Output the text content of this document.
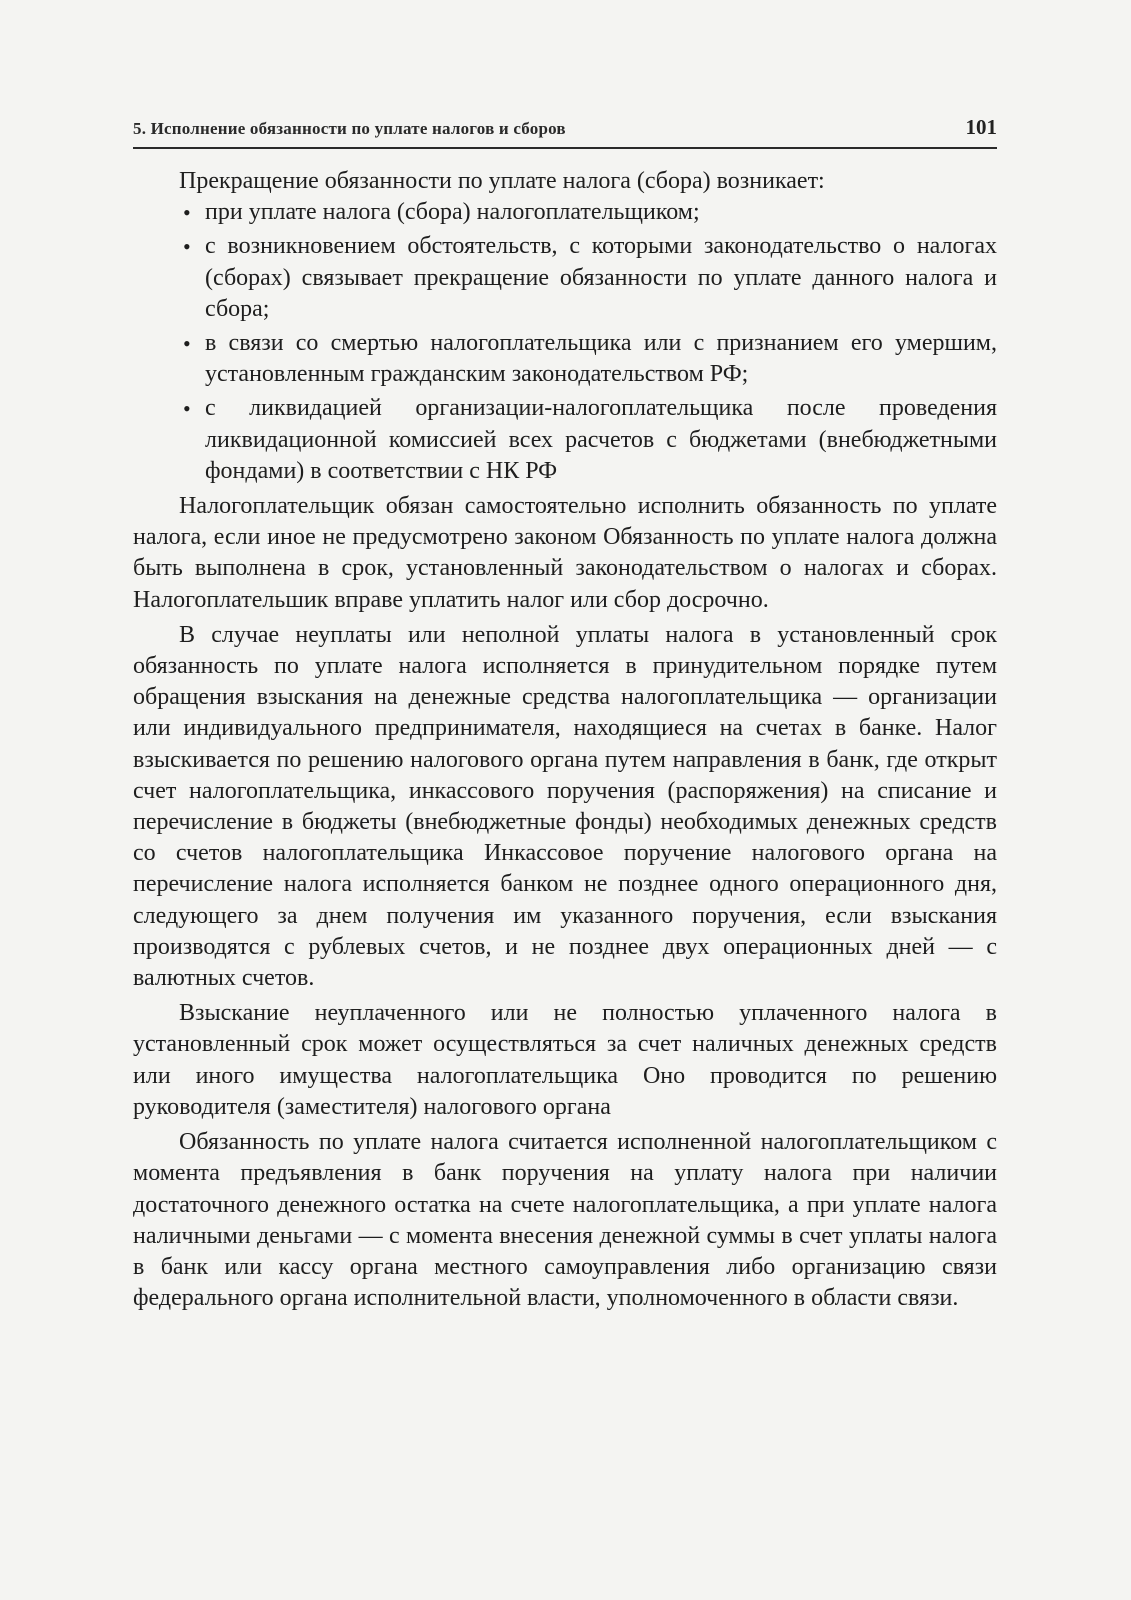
5. Исполнение обязанности по уплате налогов и сборов	101

Прекращение обязанности по уплате налога (сбора) возникает:

• при уплате налога (сбора) налогоплательщиком;
• с возникновением обстоятельств, с которыми законодательство о налогах (сборах) связывает прекращение обязанности по уплате данного налога и сбора;
• в связи со смертью налогоплательщика или с признанием его умершим, установленным гражданским законодательством РФ;
• с ликвидацией организации-налогоплательщика после проведения ликвидационной комиссией всех расчетов с бюджетами (внебюджетными фондами) в соответствии с НК РФ

Налогоплательщик обязан самостоятельно исполнить обязанность по уплате налога, если иное не предусмотрено законом Обязанность по уплате налога должна быть выполнена в срок, установленный законодательством о налогах и сборах. Налогоплательшик вправе уплатить налог или сбор досрочно.

В случае неуплаты или неполной уплаты налога в установленный срок обязанность по уплате налога исполняется в принудительном порядке путем обращения взыскания на денежные средства налогоплательщика — организации или индивидуального предпринимателя, находящиеся на счетах в банке. Налог взыскивается по решению налогового органа путем направления в банк, где открыт счет налогоплательщика, инкассового поручения (распоряжения) на списание и перечисление в бюджеты (внебюджетные фонды) необходимых денежных средств со счетов налогоплательщика Инкассовое поручение налогового органа на перечисление налога исполняется банком не позднее одного операционного дня, следующего за днем получения им указанного поручения, если взыскания производятся с рублевых счетов, и не позднее двух операционных дней — с валютных счетов.

Взыскание неуплаченного или не полностью уплаченного налога в установленный срок может осуществляться за счет наличных денежных средств или иного имущества налогоплательщика Оно проводится по решению руководителя (заместителя) налогового органа

Обязанность по уплате налога считается исполненной налогоплательщиком с момента предъявления в банк поручения на уплату налога при наличии достаточного денежного остатка на счете налогоплательщика, а при уплате налога наличными деньгами — с момента внесения денежной суммы в счет уплаты налога в банк или кассу органа местного самоуправления либо организацию связи федерального органа исполнительной власти, уполномоченного в области связи.
